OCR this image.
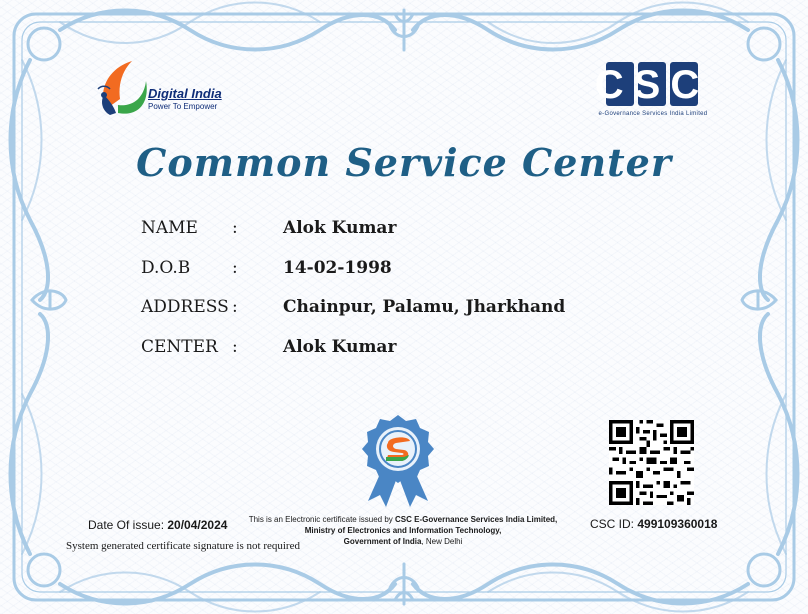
Digital India
Power To Empower	CSC
e-Governance Services India Limited
Common Service Center
NAME :	Alok Kumar
D.O.B :	14-02-1998
ADDRESS :	Chainpur, Palamu, Jharkhand
CENTER :	Alok Kumar
Date Of issue: 20/04/2024
System generated certificate signature is not required
This is an Electronic certificate issued by CSC E-Governance Services India Limited,
Ministry of Electronics and Information Technology,
Government of India, New Delhi
CSC ID: 499109360018
